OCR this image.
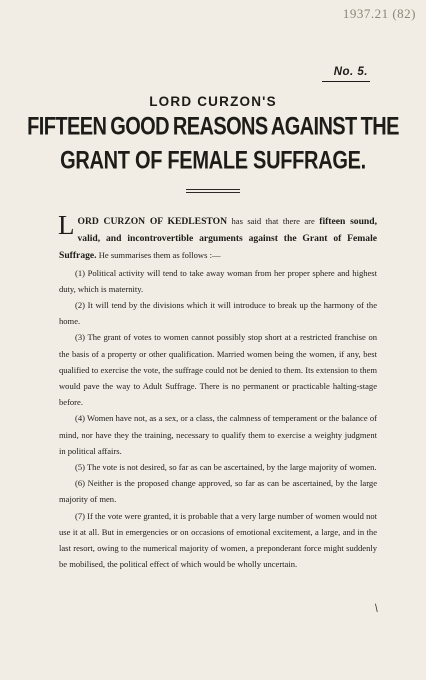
1937.21 (82)
No. 5.
LORD CURZON'S
FIFTEEN GOOD REASONS AGAINST THE
GRANT OF FEMALE SUFFRAGE.

LORD CURZON OF KEDLESTON has said that there are fifteen sound, valid, and incontrovertible arguments against the Grant of Female Suffrage. He summarises them as follows :—

(1) Political activity will tend to take away woman from her proper sphere and highest duty, which is maternity.

(2) It will tend by the divisions which it will introduce to break up the harmony of the home.

(3) The grant of votes to women cannot possibly stop short at a restricted franchise on the basis of a property or other qualification. Married women being the women, if any, best qualified to exercise the vote, the suffrage could not be denied to them. Its extension to them would pave the way to Adult Suffrage. There is no permanent or practicable halting-stage before.

(4) Women have not, as a sex, or a class, the calmness of temperament or the balance of mind, nor have they the training, necessary to qualify them to exercise a weighty judgment in political affairs.

(5) The vote is not desired, so far as can be ascertained, by the large majority of women.

(6) Neither is the proposed change approved, so far as can be ascertained, by the large majority of men.

(7) If the vote were granted, it is probable that a very large number of women would not use it at all. But in emergencies or on occasions of emotional excitement, a large, and in the last resort, owing to the numerical majority of women, a preponderant force might suddenly be mobilised, the political effect of which would be wholly uncertain.

/
